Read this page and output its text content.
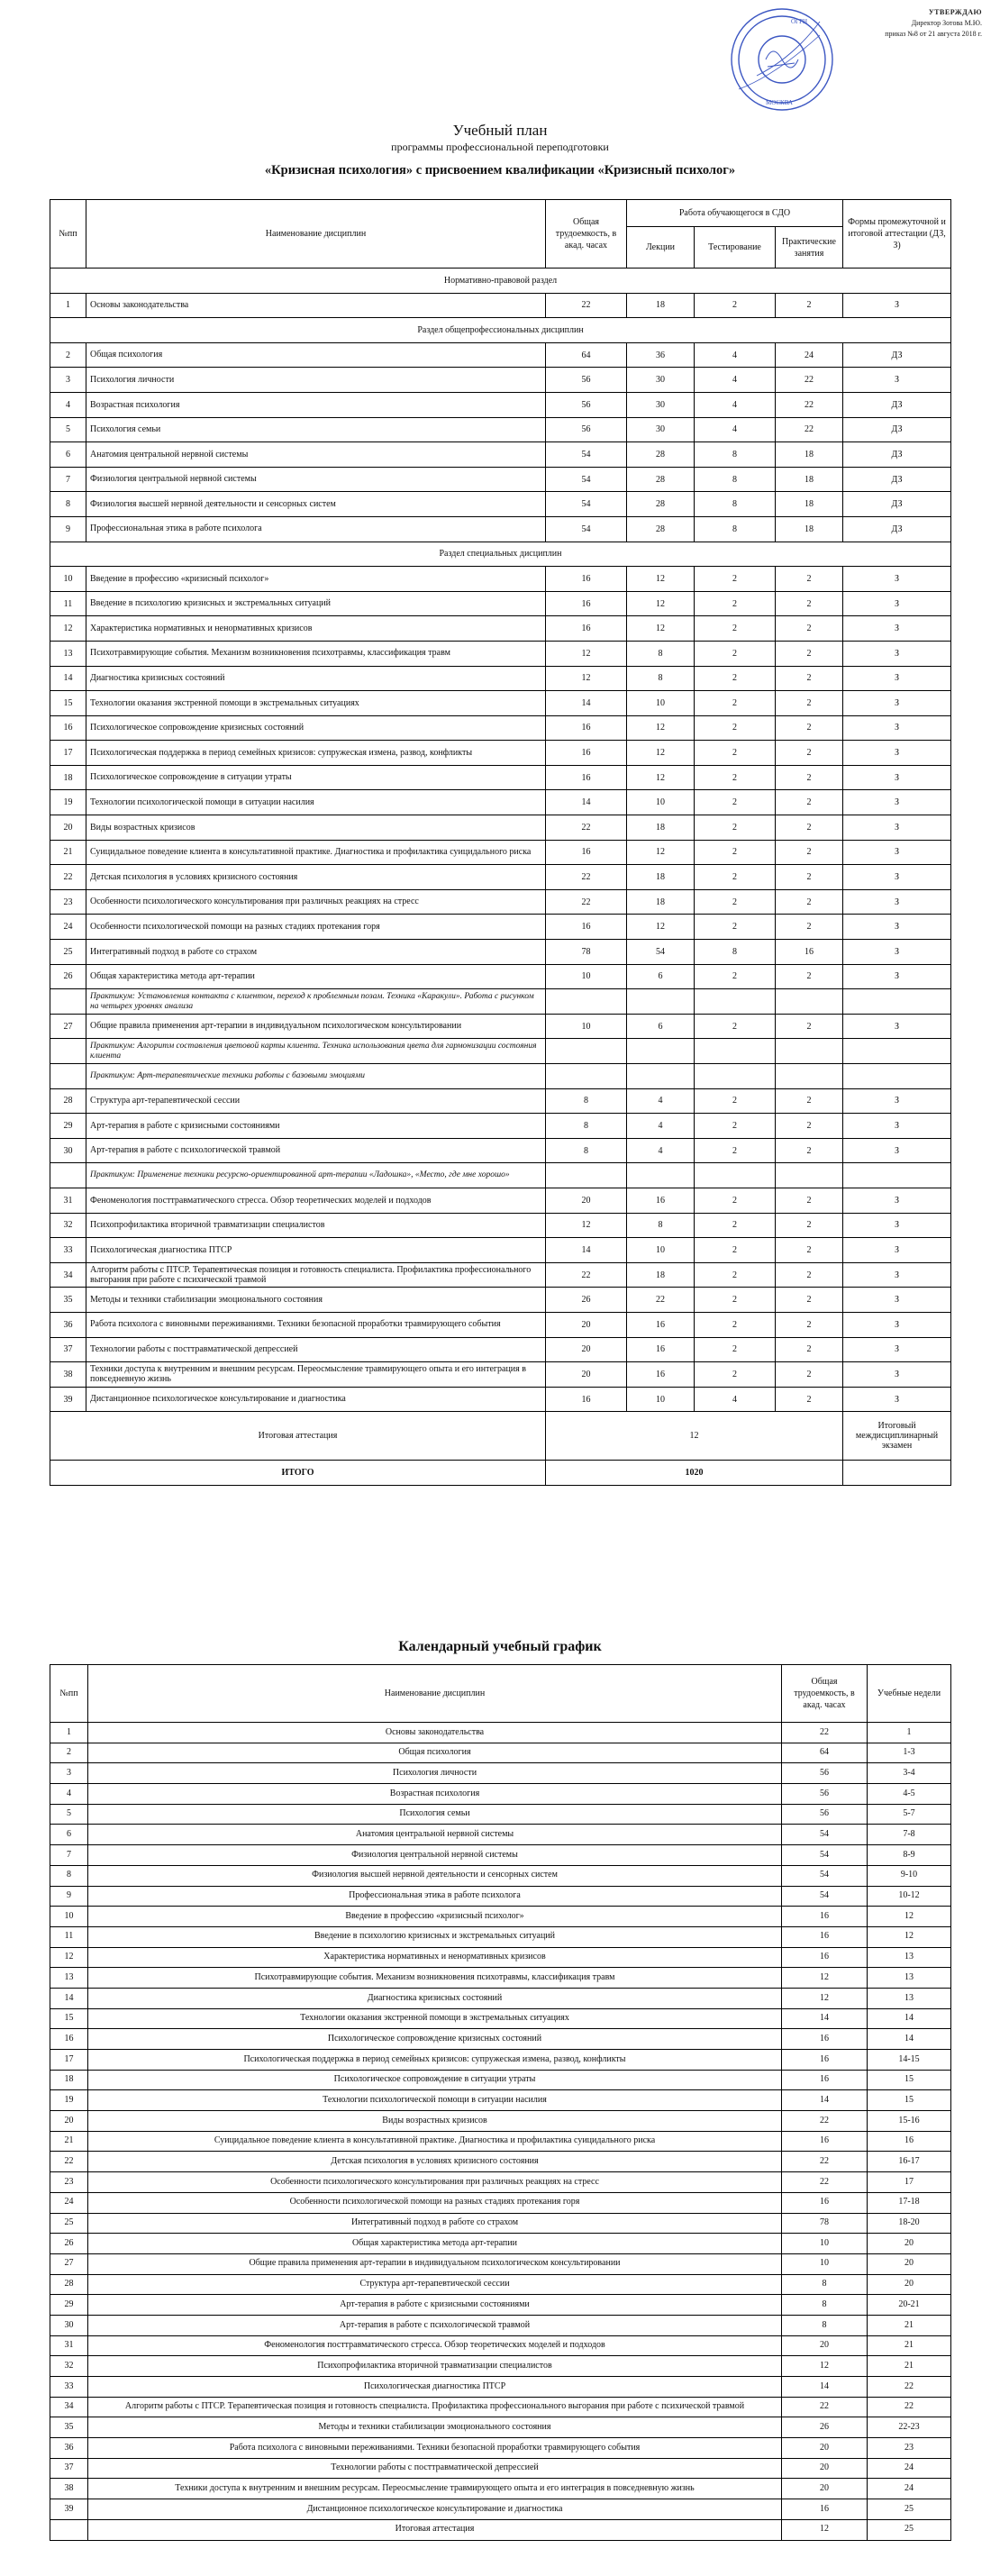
ОГРН
МОСКВА
УТВЕРЖДАЮ
Директор Зотова М.Ю.
приказ №8 от 21 августа 2018 г.
Учебный план
программы профессиональной переподготовки
«Кризисная психология» с присвоением квалификации «Кризисный психолог»
№пп	Наименование дисциплин	Общая трудоемкость, в акад. часах	Работа обучающегося в СДО			Формы промежуточной и итоговой аттестации (ДЗ, З)
			Лекции	Тестирование	Практические занятия	
Нормативно-правовой раздел						
1	Основы законодательства	22	18	2	2	З
Раздел общепрофессиональных дисциплин						
2	Общая психология	64	36	4	24	ДЗ
3	Психология личности	56	30	4	22	З
4	Возрастная психология	56	30	4	22	ДЗ
5	Психология семьи	56	30	4	22	ДЗ
6	Анатомия центральной нервной системы	54	28	8	18	ДЗ
7	Физиология центральной нервной системы	54	28	8	18	ДЗ
8	Физиология высшей нервной деятельности и сенсорных систем	54	28	8	18	ДЗ
9	Профессиональная этика в работе психолога	54	28	8	18	ДЗ
Раздел специальных дисциплин						
10	Введение в профессию «кризисный психолог»	16	12	2	2	З
11	Введение в психологию кризисных и экстремальных ситуаций	16	12	2	2	З
12	Характеристика нормативных и ненормативных кризисов	16	12	2	2	З
13	Психотравмирующие события. Механизм возникновения психотравмы, классификация травм	12	8	2	2	З
14	Диагностика кризисных состояний	12	8	2	2	З
15	Технологии оказания экстренной помощи в экстремальных ситуациях	14	10	2	2	З
16	Психологическое сопровождение кризисных состояний	16	12	2	2	З
17	Психологическая поддержка в период семейных кризисов: супружеская измена, развод, конфликты	16	12	2	2	З
18	Психологическое сопровождение в ситуации утраты	16	12	2	2	З
19	Технологии психологической помощи в ситуации насилия	14	10	2	2	З
20	Виды возрастных кризисов	22	18	2	2	З
21	Суицидальное поведение клиента в консультативной практике. Диагностика и профилактика суицидального риска	16	12	2	2	З
22	Детская психология в условиях кризисного состояния	22	18	2	2	З
23	Особенности психологического консультирования при различных реакциях на стресс	22	18	2	2	З
24	Особенности психологической помощи на разных стадиях протекания горя	16	12	2	2	З
25	Интегративный подход в работе со страхом	78	54	8	16	З
26	Общая характеристика метода арт-терапии	10	6	2	2	З
	Практикум: Установления контакта с клиентом, переход к проблемным позам. Техника «Каракули». Работа с рисунком на четырех уровнях анализа					
27	Общие правила применения арт-терапии в индивидуальном психологическом консультировании	10	6	2	2	З
	Практикум: Алгоритм составления цветовой карты клиента. Техника использования цвета для гармонизации состояния клиента					
	Практикум: Арт-терапевтические техники работы с базовыми эмоциями					
28	Структура арт-терапевтической сессии	8	4	2	2	З
29	Арт-терапия в работе с кризисными состояниями	8	4	2	2	З
30	Арт-терапия в работе с психологической травмой	8	4	2	2	З
	Практикум: Применение техники ресурсно-ориентированной арт-терапии «Ладошка», «Место, где мне хорошо»					
31	Феноменология посттравматического стресса. Обзор теоретических моделей и подходов	20	16	2	2	З
32	Психопрофилактика вторичной травматизации специалистов	12	8	2	2	З
33	Психологическая диагностика ПТСР	14	10	2	2	З
34	Алгоритм работы с ПТСР. Терапевтическая позиция и готовность специалиста. Профилактика профессионального выгорания при работе с психической травмой	22	18	2	2	З
35	Методы и техники стабилизации эмоционального состояния	26	22	2	2	З
36	Работа психолога с виновными переживаниями. Техники безопасной проработки травмирующего события	20	16	2	2	З
37	Технологии работы с посттравматической депрессией	20	16	2	2	З
38	Техники доступа к внутренним и внешним ресурсам. Переосмысление травмирующего опыта и его интеграция в повседневную жизнь	20	16	2	2	З
39	Дистанционное психологическое консультирование и диагностика	16	10	4	2	З
Итоговая аттестация		12				Итоговый междисциплинарный экзамен
ИТОГО		1020				
Календарный учебный график
№пп	Наименование дисциплин	Общая трудоемкость, в акад. часах	Учебные недели
1	Основы законодательства	22	1
2	Общая психология	64	1-3
3	Психология личности	56	3-4
4	Возрастная психология	56	4-5
5	Психология семьи	56	5-7
6	Анатомия центральной нервной системы	54	7-8
7	Физиология центральной нервной системы	54	8-9
8	Физиология высшей нервной деятельности и сенсорных систем	54	9-10
9	Профессиональная этика в работе психолога	54	10-12
10	Введение в профессию «кризисный психолог»	16	12
11	Введение в психологию кризисных и экстремальных ситуаций	16	12
12	Характеристика нормативных и ненормативных кризисов	16	13
13	Психотравмирующие события. Механизм возникновения психотравмы, классификация травм	12	13
14	Диагностика кризисных состояний	12	13
15	Технологии оказания экстренной помощи в экстремальных ситуациях	14	14
16	Психологическое сопровождение кризисных состояний	16	14
17	Психологическая поддержка в период семейных кризисов: супружеская измена, развод, конфликты	16	14-15
18	Психологическое сопровождение в ситуации утраты	16	15
19	Технологии психологической помощи в ситуации насилия	14	15
20	Виды возрастных кризисов	22	15-16
21	Суицидальное поведение клиента в консультативной практике. Диагностика и профилактика суицидального риска	16	16
22	Детская психология в условиях кризисного состояния	22	16-17
23	Особенности психологического консультирования при различных реакциях на стресс	22	17
24	Особенности психологической помощи на разных стадиях протекания горя	16	17-18
25	Интегративный подход в работе со страхом	78	18-20
26	Общая характеристика метода арт-терапии	10	20
27	Общие правила применения арт-терапии в индивидуальном психологическом консультировании	10	20
28	Структура арт-терапевтической сессии	8	20
29	Арт-терапия в работе с кризисными состояниями	8	20-21
30	Арт-терапия в работе с психологической травмой	8	21
31	Феноменология посттравматического стресса. Обзор теоретических моделей и подходов	20	21
32	Психопрофилактика вторичной травматизации специалистов	12	21
33	Психологическая диагностика ПТСР	14	22
34	Алгоритм работы с ПТСР. Терапевтическая позиция и готовность специалиста. Профилактика профессионального выгорания при работе с психической травмой	22	22
35	Методы и техники стабилизации эмоционального состояния	26	22-23
36	Работа психолога с виновными переживаниями. Техники безопасной проработки травмирующего события	20	23
37	Технологии работы с посттравматической депрессией	20	24
38	Техники доступа к внутренним и внешним ресурсам. Переосмысление травмирующего опыта и его интеграция в повседневную жизнь	20	24
39	Дистанционное психологическое консультирование и диагностика	16	25
	Итоговая аттестация	12	25
